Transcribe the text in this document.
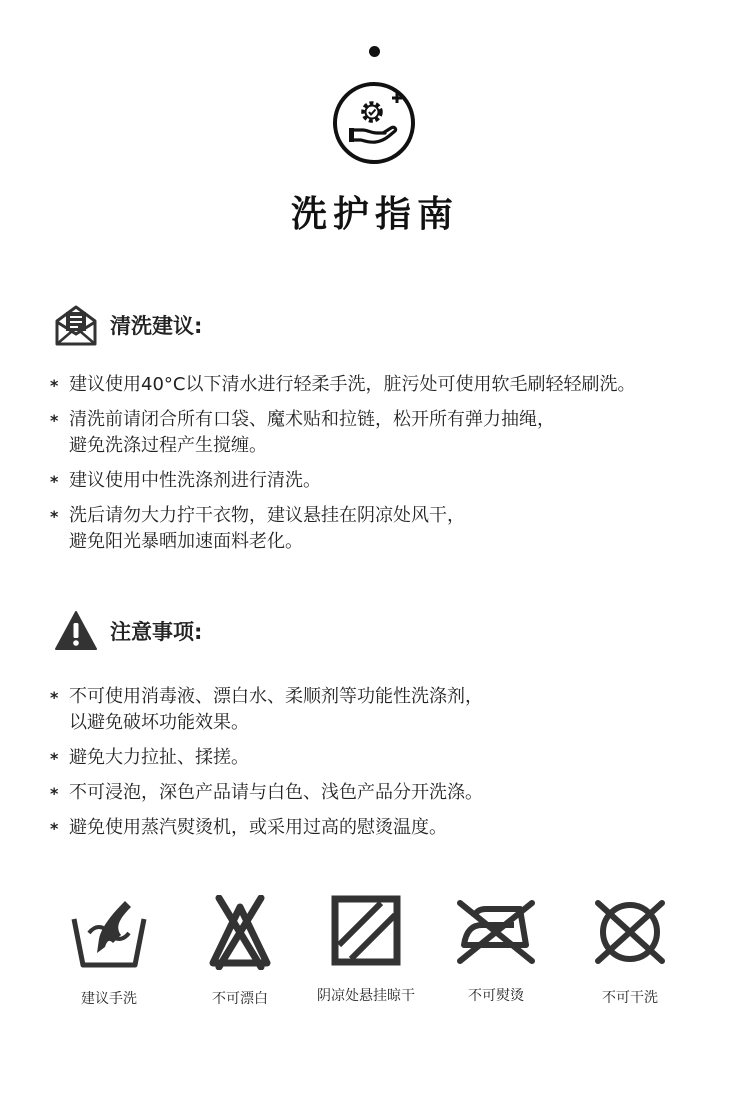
洗护指南
清洗建议:
* 建议使用40°C以下清水进行轻柔手洗，脏污处可使用软毛刷轻轻刷洗。
* 清洗前请闭合所有口袋、魔术贴和拉链，松开所有弹力抽绳，
避免洗涤过程产生搅缠。
* 建议使用中性洗涤剂进行清洗。
* 洗后请勿大力拧干衣物，建议悬挂在阴凉处风干，
避免阳光暴晒加速面料老化。
注意事项:
* 不可使用消毒液、漂白水、柔顺剂等功能性洗涤剂，
以避免破坏功能效果。
* 避免大力拉扯、揉搓。
* 不可浸泡，深色产品请与白色、浅色产品分开洗涤。
* 避免使用蒸汽熨烫机，或采用过高的慰烫温度。
建议手洗	不可漂白	阴凉处悬挂晾干	不可熨烫	不可干洗
